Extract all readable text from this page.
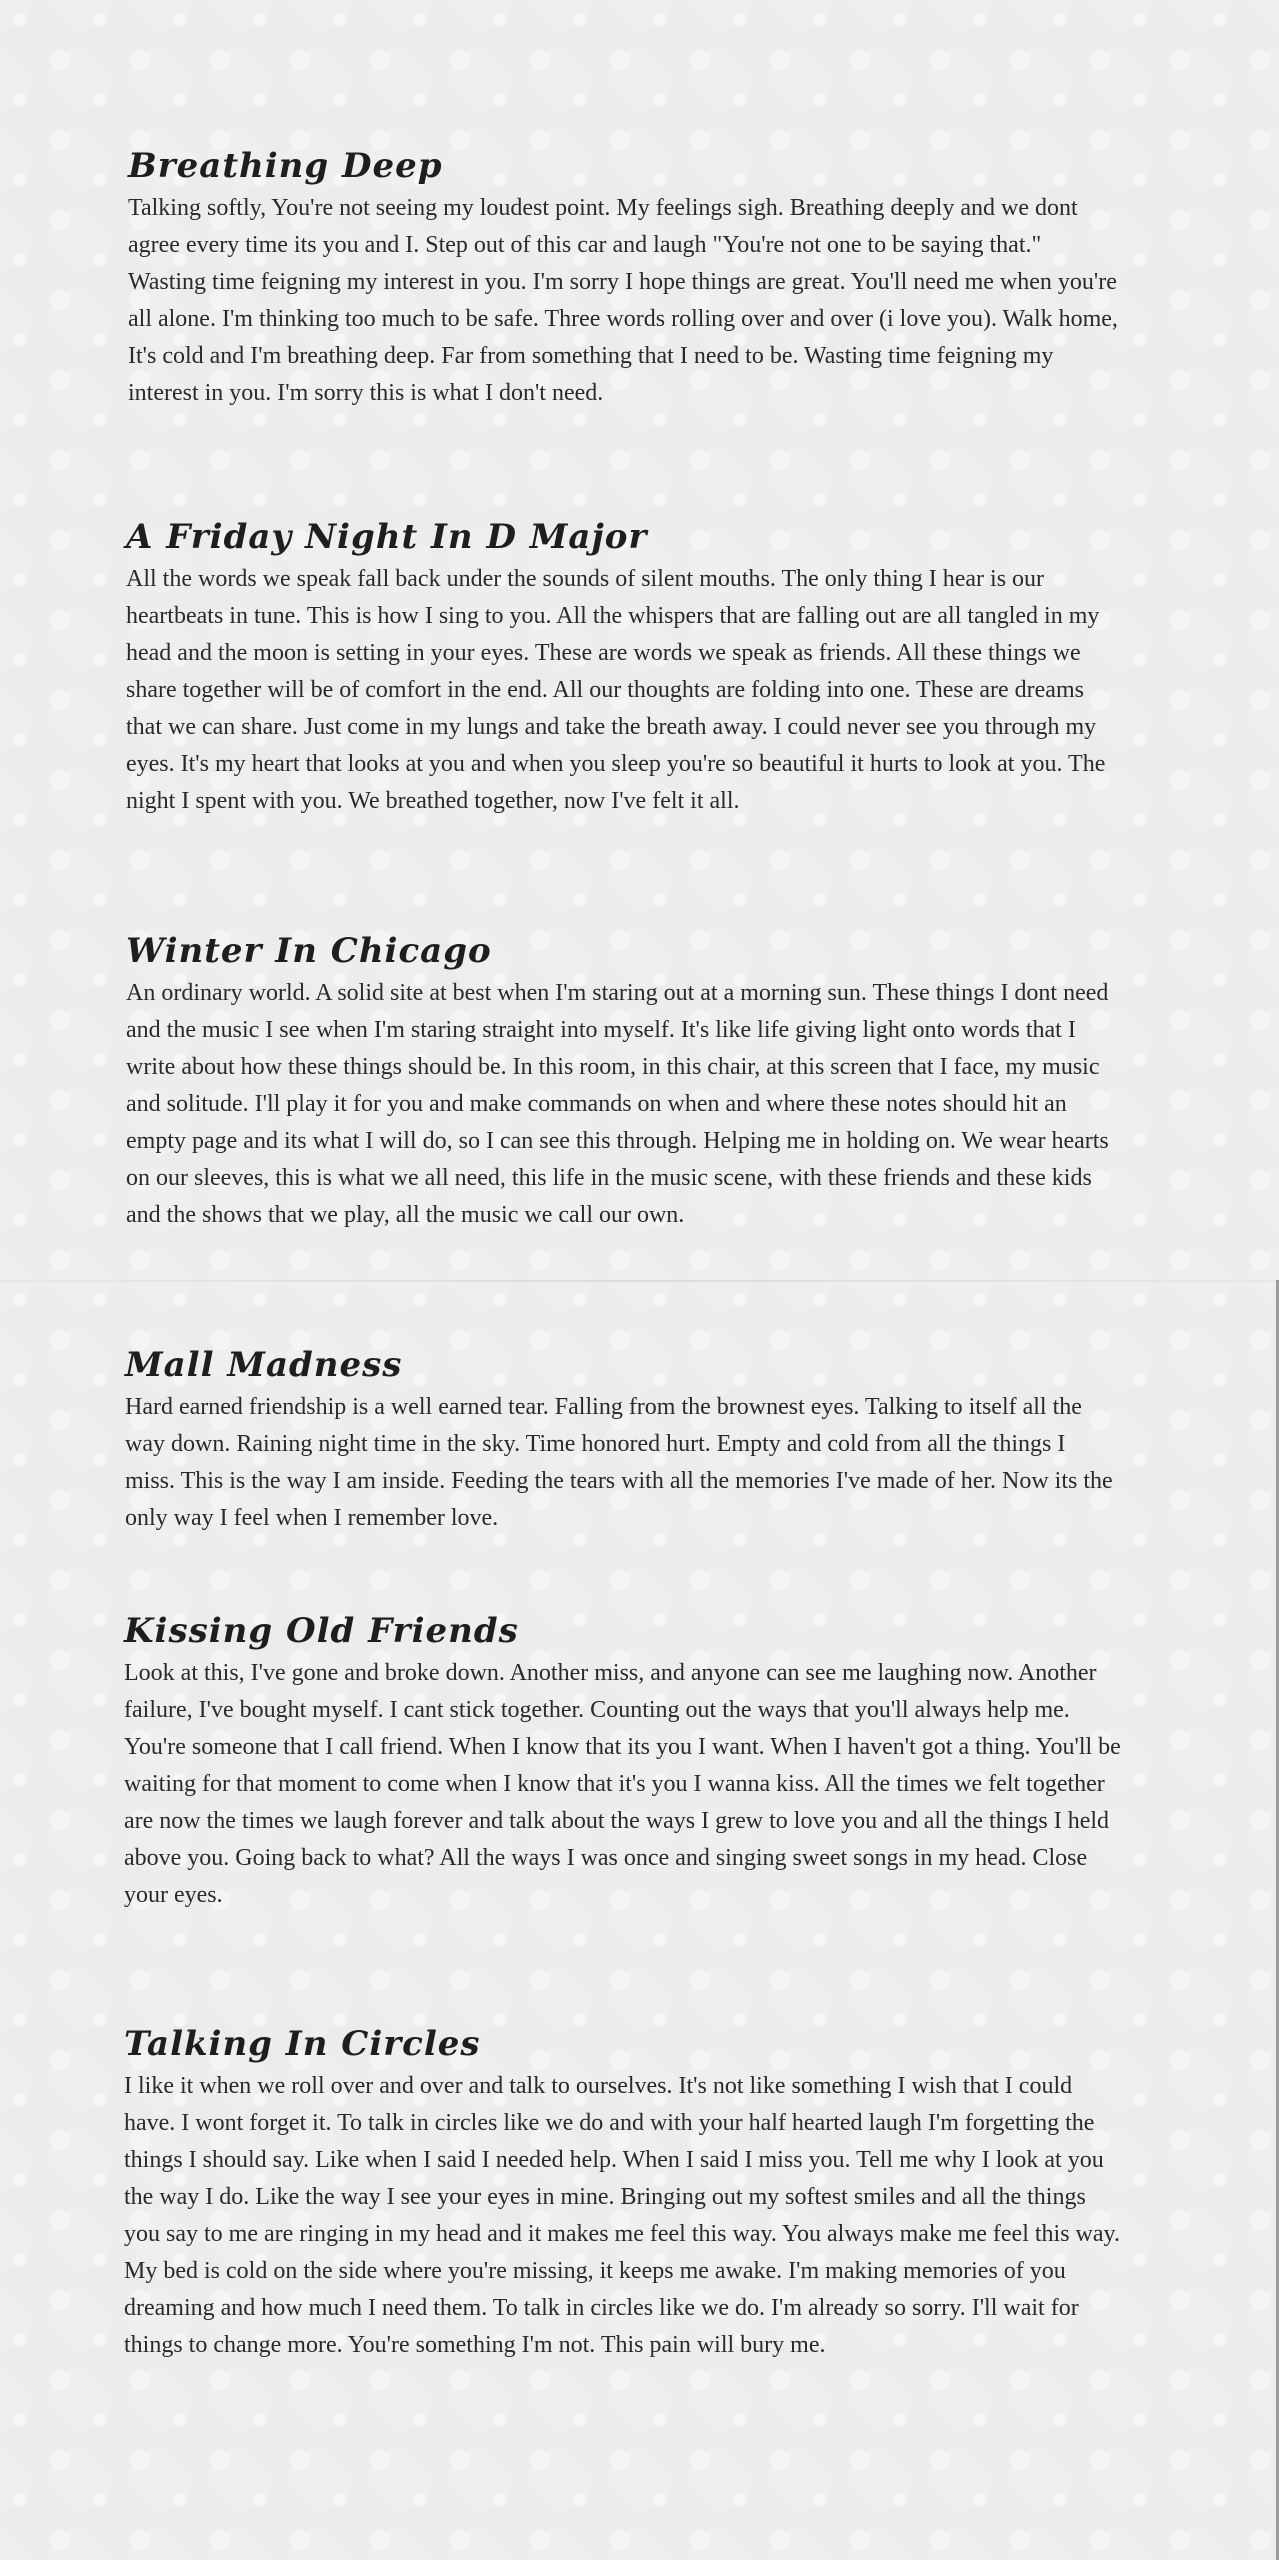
Breathing Deep

Talking softly, You're not seeing my loudest point. My feelings sigh. Breathing deeply and we dont agree every time its you and I. Step out of this car and laugh "You're not one to be saying that." Wasting time feigning my interest in you. I'm sorry I hope things are great. You'll need me when you're all alone. I'm thinking too much to be safe. Three words rolling over and over (i love you). Walk home, It's cold and I'm breathing deep. Far from something that I need to be. Wasting time feigning my interest in you. I'm sorry this is what I don't need.

A Friday Night In D Major

All the words we speak fall back under the sounds of silent mouths. The only thing I hear is our heartbeats in tune. This is how I sing to you. All the whispers that are falling out are all tangled in my head and the moon is setting in your eyes. These are words we speak as friends. All these things we share together will be of comfort in the end. All our thoughts are folding into one. These are dreams that we can share. Just come in my lungs and take the breath away. I could never see you through my eyes. It's my heart that looks at you and when you sleep you're so beautiful it hurts to look at you. The night I spent with you. We breathed together, now I've felt it all.

Winter In Chicago

An ordinary world. A solid site at best when I'm staring out at a morning sun. These things I dont need and the music I see when I'm staring straight into myself. It's like life giving light onto words that I write about how these things should be. In this room, in this chair, at this screen that I face, my music and solitude. I'll play it for you and make commands on when and where these notes should hit an empty page and its what I will do, so I can see this through. Helping me in holding on. We wear hearts on our sleeves, this is what we all need, this life in the music scene, with these friends and these kids and the shows that we play, all the music we call our own.

Mall Madness

Hard earned friendship is a well earned tear. Falling from the brownest eyes. Talking to itself all the way down. Raining night time in the sky. Time honored hurt. Empty and cold from all the things I miss. This is the way I am inside. Feeding the tears with all the memories I've made of her. Now its the only way I feel when I remember love.

Kissing Old Friends

Look at this, I've gone and broke down. Another miss, and anyone can see me laughing now. Another failure, I've bought myself. I cant stick together. Counting out the ways that you'll always help me. You're someone that I call friend. When I know that its you I want. When I haven't got a thing. You'll be waiting for that moment to come when I know that it's you I wanna kiss. All the times we felt together are now the times we laugh forever and talk about the ways I grew to love you and all the things I held above you. Going back to what? All the ways I was once and singing sweet songs in my head. Close your eyes.

Talking In Circles

I like it when we roll over and over and talk to ourselves. It's not like something I wish that I could have. I wont forget it. To talk in circles like we do and with your half hearted laugh I'm forgetting the things I should say. Like when I said I needed help. When I said I miss you. Tell me why I look at you the way I do. Like the way I see your eyes in mine. Bringing out my softest smiles and all the things you say to me are ringing in my head and it makes me feel this way. You always make me feel this way. My bed is cold on the side where you're missing, it keeps me awake. I'm making memories of you dreaming and how much I need them. To talk in circles like we do. I'm already so sorry. I'll wait for things to change more. You're something I'm not. This pain will bury me.
